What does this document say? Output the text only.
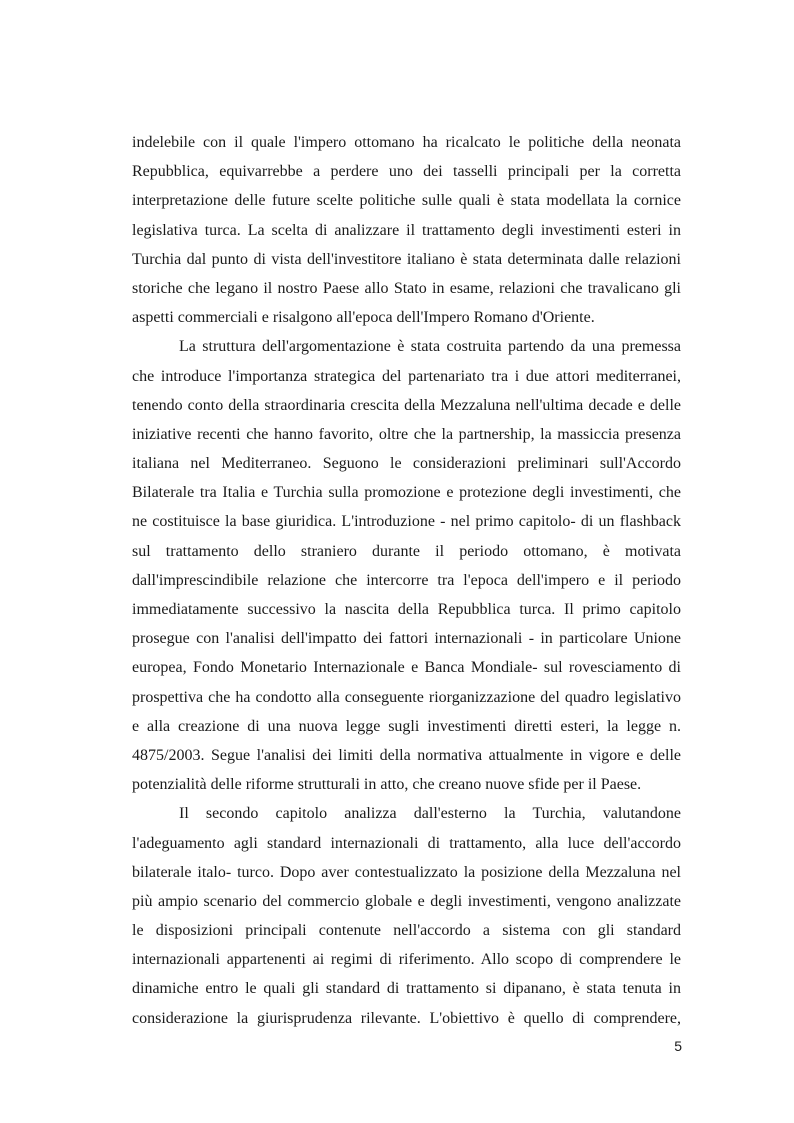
indelebile con il quale l'impero ottomano ha ricalcato le politiche della neonata
Repubblica, equivarrebbe a perdere uno dei tasselli principali per la corretta
interpretazione delle future scelte politiche sulle quali è stata modellata la cornice
legislativa turca. La scelta di analizzare il trattamento degli investimenti esteri in
Turchia dal punto di vista dell'investitore italiano è stata determinata dalle relazioni
storiche che legano il nostro Paese allo Stato in esame, relazioni che travalicano gli
aspetti commerciali e risalgono all'epoca dell'Impero Romano d'Oriente.
La struttura dell'argomentazione è stata costruita partendo da una premessa
che introduce l'importanza strategica del partenariato tra i due attori mediterranei,
tenendo conto della straordinaria crescita della Mezzaluna nell'ultima decade e delle
iniziative recenti che hanno favorito, oltre che la partnership, la massiccia presenza
italiana nel Mediterraneo. Seguono le considerazioni preliminari sull'Accordo
Bilaterale tra Italia e Turchia sulla promozione e protezione degli investimenti, che
ne costituisce la base giuridica. L'introduzione - nel primo capitolo- di un flashback
sul trattamento dello straniero durante il periodo ottomano, è motivata
dall'imprescindibile relazione che intercorre tra l'epoca dell'impero e il periodo
immediatamente successivo la nascita della Repubblica turca. Il primo capitolo
prosegue con l'analisi dell'impatto dei fattori internazionali - in particolare Unione
europea, Fondo Monetario Internazionale e Banca Mondiale- sul rovesciamento di
prospettiva che ha condotto alla conseguente riorganizzazione del quadro legislativo
e alla creazione di una nuova legge sugli investimenti diretti esteri, la legge n.
4875/2003. Segue l'analisi dei limiti della normativa attualmente in vigore e delle
potenzialità delle riforme strutturali in atto, che creano nuove sfide per il Paese.
Il secondo capitolo analizza dall'esterno la Turchia, valutandone
l'adeguamento agli standard internazionali di trattamento, alla luce dell'accordo
bilaterale italo- turco. Dopo aver contestualizzato la posizione della Mezzaluna nel
più ampio scenario del commercio globale e degli investimenti, vengono analizzate
le disposizioni principali contenute nell'accordo a sistema con gli standard
internazionali appartenenti ai regimi di riferimento. Allo scopo di comprendere le
dinamiche entro le quali gli standard di trattamento si dipanano, è stata tenuta in
considerazione la giurisprudenza rilevante. L'obiettivo è quello di comprendere,
5
